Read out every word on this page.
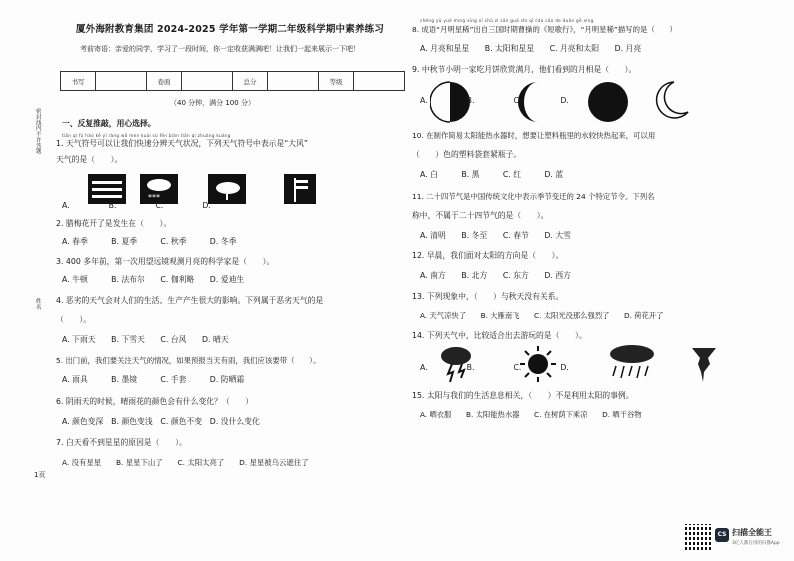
厦外海附教育集团 2024-2025 学年第一学期二年级科学期中素养练习
考前寄语：亲爱的同学，学习了一段时间，你一定收获满满吧！让我们一起来展示一下吧！
书写		卷面		总分		等级	
（40 分钟，满分 100 分）
一、反复推敲，用心选择。
密封线内不许答题
姓名
1页
tiān qì fú hào kě yǐ ràng wǒ men kuài sù fēn biàn tiān qì zhuàng kuàng
1. 天气符号可以让我们快速分辨天气状况，下列天气符号中表示是“大风”
天气的是（　　）。
***
A.　　　　　B.　　　　　C.　　　　　D.
2. 腊梅花开了是发生在（　　）。
A. 春季　　　B. 夏季　　　C. 秋季　　　D. 冬季
3. 400 多年前，第一次用望远镜观测月亮的科学家是（　　）。
A. 牛顿　　　B. 法布尔　　C. 伽利略　　D. 爱迪生
4. 恶劣的天气会对人们的生活、生产产生很大的影响。下列属于恶劣天气的是
（　　）。
A. 下雨天　　B. 下雪天　　C. 台风　　D. 晴天
5. 出门前，我们要关注天气的情况，如果预报当天有雨，我们应该要带（　　）。
A. 雨具　　　B. 墨镜　　　C. 手套　　　D. 防晒霜
6. 阴雨天的时候，晴雨花的颜色会有什么变化？（　　）
A. 颜色变深　B. 颜色变浅　C. 颜色不变　D. 没什么变化
7. 白天看不到星星的原因是（　　）。
A. 没有星星　　B. 星星下山了　　C. 太阳太亮了　　D. 星星被乌云遮住了
chéng yǔ yuè míng xīng xī chū zì sān guó shí qī cáo cāo de duǎn gē xíng
8. 成语“月明星稀”出自三国时期曹操的《短歌行》，“月明星稀”描写的是（　　）
A. 月亮和星星　　B. 太阳和星星　　C. 月亮和太阳　　D. 月亮
9. 中秋节小明一家吃月饼欣赏满月，他们看到的月相是（　　）。
A.　　　　　B.　　　　　C.　　　　　D.
10. 在制作简易太阳能热水器时，想要让塑料瓶里的水较快热起来，可以用
（　　）色的塑料袋套紧瓶子。
A. 白　　　B. 黑　　　C. 红　　　D. 蓝
11. 二十四节气是中国传统文化中表示季节变迁的 24 个特定节令。下列名
称中，不属于二十四节气的是（　　）。
A. 清明　　B. 冬至　　C. 春节　　D. 大雪
12. 早晨，我们面对太阳的方向是（　　）。
A. 南方　　B. 北方　　C. 东方　　D. 西方
13. 下列现象中，（　　）与秋天没有关系。
A. 天气凉快了　　B. 大雁南飞　　C. 太阳光没那么强烈了　　D. 荷花开了
14. 下列天气中，比较适合出去游玩的是（　　）。
A.　　　　　B.　　　　　C.　　　　　D.
15. 太阳与我们的生活息息相关，（　　）不是利用太阳的事例。
A. 晒衣服　　B. 太阳能热水器　　C. 在树荫下乘凉　　D. 晒干谷物
CS 扫描全能王
3亿人都在用的扫描App
